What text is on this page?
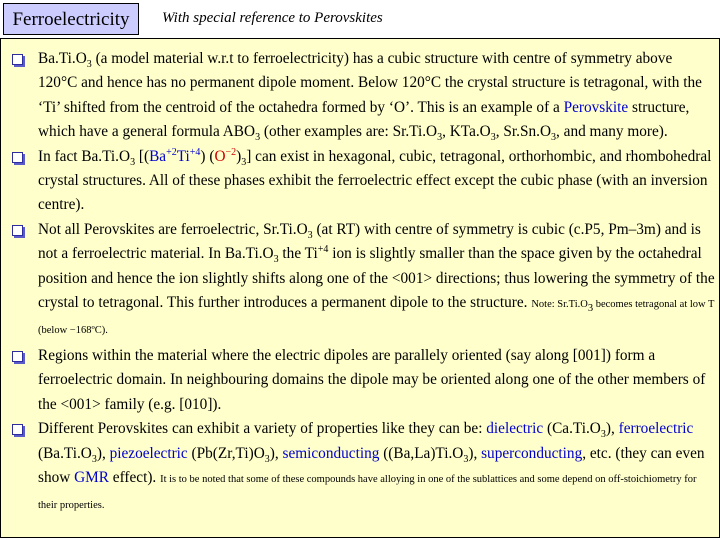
Ferroelectricity	With special reference to Perovskites
$Ba.Ti.O_3$ (a model material w.r.t to ferroelectricity) has a cubic structure with centre of symmetry above 120°C and hence has no permanent dipole moment. Below 120°C the crystal structure is tetragonal, with the ‘Ti’ shifted from the centroid of the octahedra formed by ‘O’. This is an example of a Perovskite structure, which have a general formula $ABO_3$ (other examples are: $Sr.Ti.O_3$, $KTa.O_3$, $Sr.Sn.O_3$, and many more).
In fact $Ba.Ti.O_3$ [$(Ba^{+2}Ti^{+4})$ $(O^{-2})_3$] can exist in hexagonal, cubic, tetragonal, orthorhombic, and rhombohedral crystal structures. All of these phases exhibit the ferroelectric effect except the cubic phase (with an inversion centre).
Not all Perovskites are ferroelectric, $Sr.Ti.O_3$ (at RT) with centre of symmetry is cubic (c.P5, Pm–3m) and is not a ferroelectric material. In $Ba.Ti.O_3$ the $Ti^{+4}$ ion is slightly smaller than the space given by the octahedral position and hence the ion slightly shifts along one of the <001> directions; thus lowering the symmetry of the crystal to tetragonal. This further introduces a permanent dipole to the structure. Note: $Sr.Ti.O_3$ becomes tetragonal at low T (below −168ºC).
Regions within the material where the electric dipoles are parallely oriented (say along [001]) form a ferroelectric domain. In neighbouring domains the dipole may be oriented along one of the other members of the <001> family (e.g. [010]).
Different Perovskites can exhibit a variety of properties like they can be: dielectric $(Ca.Ti.O_3)$, ferroelectric $(Ba.Ti.O_3)$, piezoelectric $(Pb(Zr,Ti)O_3)$, semiconducting $((Ba,La)Ti.O_3)$, superconducting, etc. (they can even show GMR effect). It is to be noted that some of these compounds have alloying in one of the sublattices and some depend on off-stoichiometry for their properties.
